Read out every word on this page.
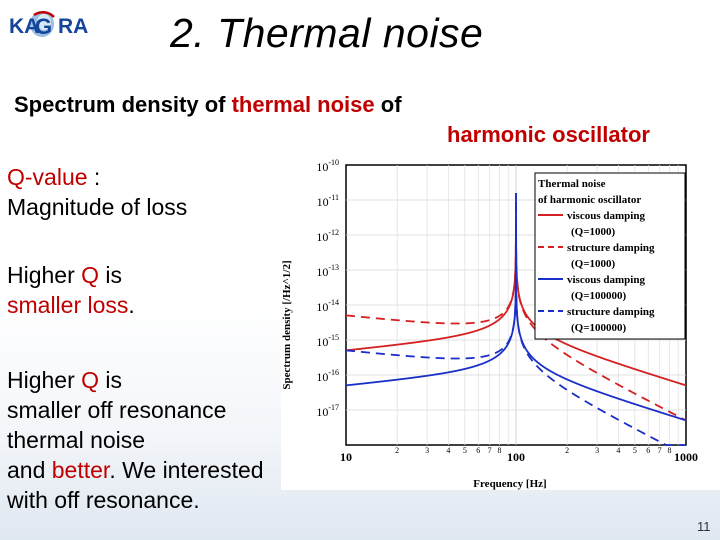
KA
G RA 2. Thermal noise
Spectrum density of thermal noise of
harmonic oscillator
Q-value :
Magnitude of loss
Higher Q is
smaller loss.
10	100	1000
2	3 4 5 6 7 8	2	3 4 5 6 7 8
$10^{-10}$
$10^{-11}$
$10^{-12}$
$10^{-13}$
$10^{-14}$
$10^{-15}$
$10^{-16}$
$10^{-17}$
Thermal noise
of harmonic oscillator
viscous damping
(Q=1000)
structure damping
(Q=1000)
viscous damping
(Q=100000)
structure damping
(Q=100000)
Spectrum density [/Hz^1/2]
Frequency [Hz]
Higher Q is
smaller off resonance
thermal noise
and better. We interested
with off resonance.
11
